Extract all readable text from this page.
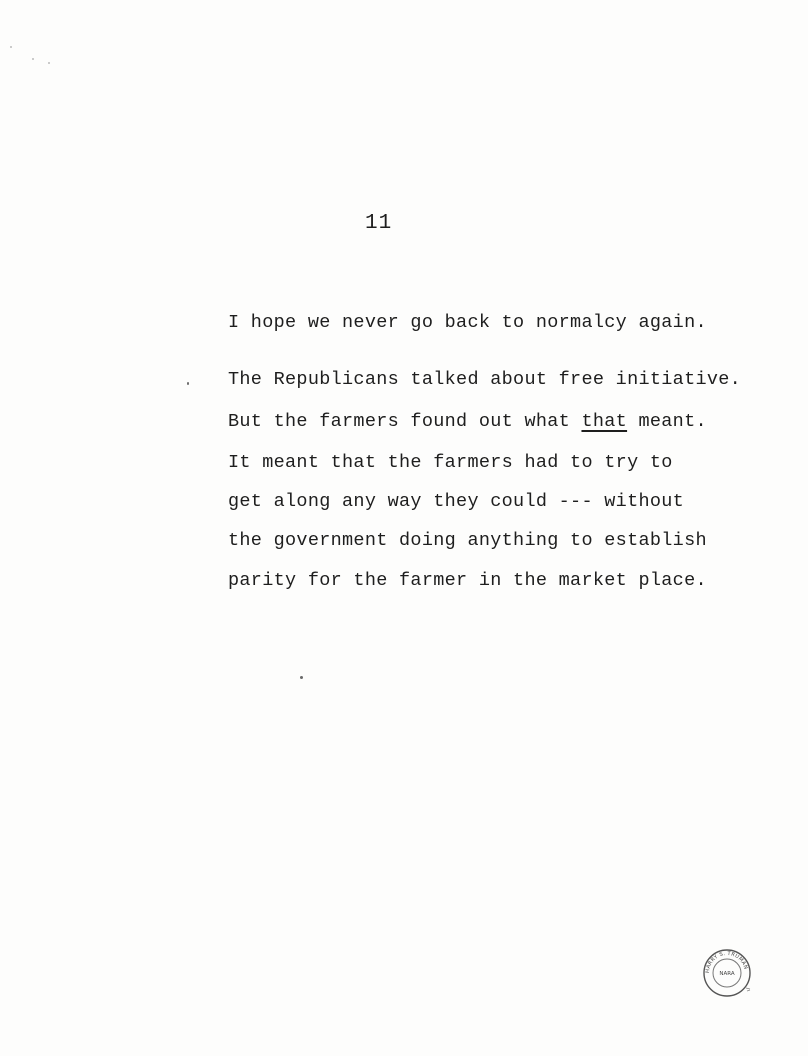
11
I hope we never go back to normalcy again.
The Republicans talked about free initiative.
But the farmers found out what that meant.
It meant that the farmers had to try to
get along any way they could --- without
the government doing anything to establish
parity for the farmer in the market place.
HARRY S. TRUMAN
NARA
